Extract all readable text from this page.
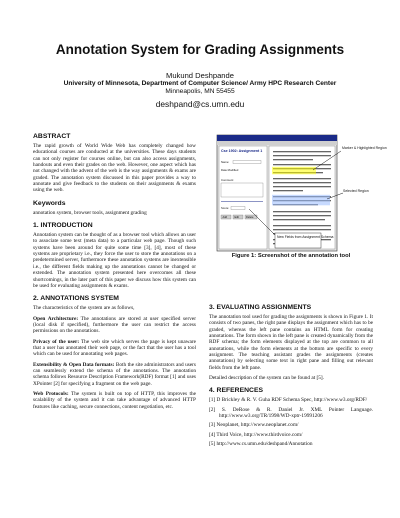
Annotation System for Grading Assignments
Mukund Deshpande
University of Minnesota, Department of Computer Science/ Army HPC Research Center
Minneapolis, MN 55455
deshpand@cs.umn.edu
ABSTRACT

The rapid growth of World Wide Web has completely changed how educational courses are conducted at the universities. These days students can not only register for courses online, but can also access assignments, handouts and even their grades on the web. However, one aspect which has not changed with the advent of the web is the way assignments & exams are graded. The annotation system discussed in this paper provides a way to annotate and give feedback to the students on their assignments & exams using the web.

Keywords

annotation system, browser tools, assignment grading

1. INTRODUCTION

Annotation system can be thought of as a browser tool which allows an user to associate some text (meta data) to a particular web page. Though such systems have been around for quite some time [3], [4], most of these systems are proprietary i.e., they force the user to store the annotations on a predetermined server, furthermore these annotation systems are inextensible i.e., the different fields making up the annotations cannot be changed or extended. The annotation system presented here overcomes all these shortcomings, in the later part of this paper we discuss how this system can be used for evaluating assignments & exams.

2. ANNOTATIONS SYSTEM

The characteristics of the system are as follows,

Open Architecture: The annotations are stored at user specified server (local disk if specified), furthermore the user can restrict the access permissions on the annotations.

Privacy of the user: The web site which serves the page is kept unaware that a user has annotated their web page, or the fact that the user has a tool which can be used for annotating web pages.

Extensibility & Open Data formats: Both the site administrators and users can seamlessly extend the schema of the annotations. The annotation schema follows Resource Description Framework(RDF) format [1] and uses XPointer [2] for specifying a fragment on the web page.

Web Protocols: The system is built on top of HTTP, this improves the scalability of the system and it can take advantage of advanced HTTP features like caching, secure connections, content negotiation, etc.

Cse 1902: Assignment 1
Name:
Date Modified
Comment:
Score:
Add	Edit	Delete
Marker & Highlighted Region
Selected Region
New Fields from Assignment Schema
Figure 1: Screenshot of the annotation tool
3. EVALUATING ASSIGNMENTS

The annotation tool used for grading the assignments is shown in Figure 1. It consists of two panes, the right pane displays the assignment which has to be graded, whereas the left pane contains an HTML form for creating annotations. The form shown in the left pane is created dynamically from the RDF schema; the form elements displayed at the top are common to all annotations, while the form elements at the bottom are specific to every assignment. The teaching assistant grades the assignments (creates annotations) by selecting some text in right pane and filling out relevant fields from the left pane.

Detailed description of the system can be found at [5].

4. REFERENCES
[1] D Brickley & R. V. Guha RDF Schema Spec, http://www.w3.org/RDF/
[2] S. DeRose & R. Daniel Jr. XML Pointer Language. http://www.w3.org/TR/1998/WD-xptr-19991206
[3] Neoplanet, http://www.neoplanet.com/
[4] Third Voice, http://www.thirdvoice.com/
[5] http://www.cs.umn.edu/deshpand/Annotation
